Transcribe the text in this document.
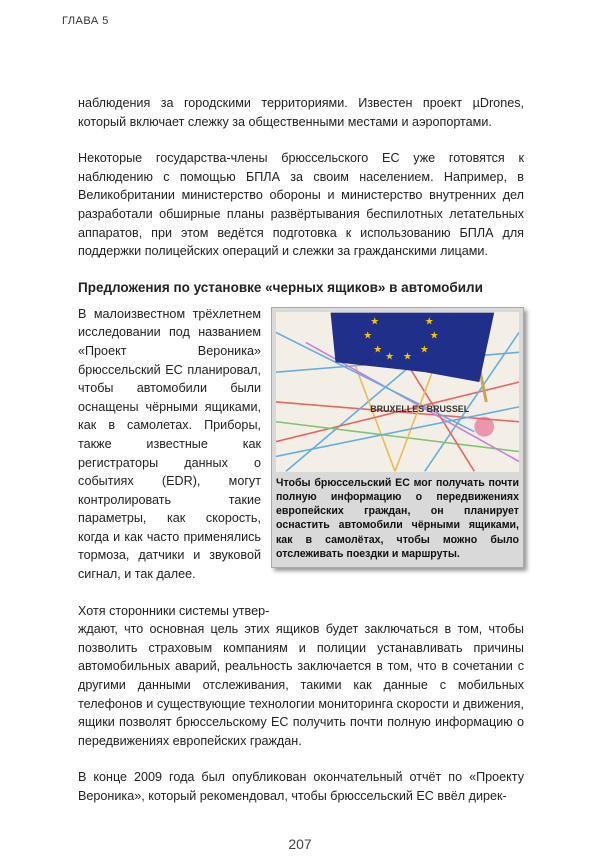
ГЛАВА 5

наблюдения за городскими территориями. Известен проект µDrones, который включает слежку за общественными местами и аэропортами.

Некоторые государства-члены брюссельского ЕС уже готовятся к наблюдению с помощью БПЛА за своим населением. Например, в Великобритании министерство обороны и министерство внутренних дел разработали обширные планы развёртывания беспилотных летательных аппаратов, при этом ведётся подготовка к использованию БПЛА для поддержки полицейских операций и слежки за гражданскими лицами.

Предложения по установке «черных ящиков» в автомобили
BRUXELLES BRUSSEL
★	★
★	★
★	★
★ ★

Чтобы брюссельский ЕС мог получать почти полную информацию о передвижениях европейских граждан, он планирует оснастить автомобили чёрными ящиками, как в самолётах, чтобы можно было отслеживать поездки и маршруты.

В малоизвестном трёхлетнем исследовании под названием «Проект Вероника» брюссельский ЕС планировал, чтобы автомобили были оснащены чёрными ящиками, как в самолетах. Приборы, также известные как регистраторы данных о событиях (EDR), могут контролировать такие параметры, как скорость, когда и как часто применялись тормоза, датчики и звуковой сигнал, и так далее.

Хотя сторонники системы утвер-
ждают, что основная цель этих ящиков будет заключаться в том, чтобы позволить страховым компаниям и полиции устанавливать причины автомобильных аварий, реальность заключается в том, что в сочетании с другими данными отслеживания, такими как данные с мобильных телефонов и существующие технологии мониторинга скорости и движения, ящики позволят брюссельскому ЕС получить почти полную информацию о передвижениях европейских граждан.

В конце 2009 года был опубликован окончательный отчёт по «Проекту Вероника», который рекомендовал, чтобы брюссельский ЕС ввёл дирек-

207
